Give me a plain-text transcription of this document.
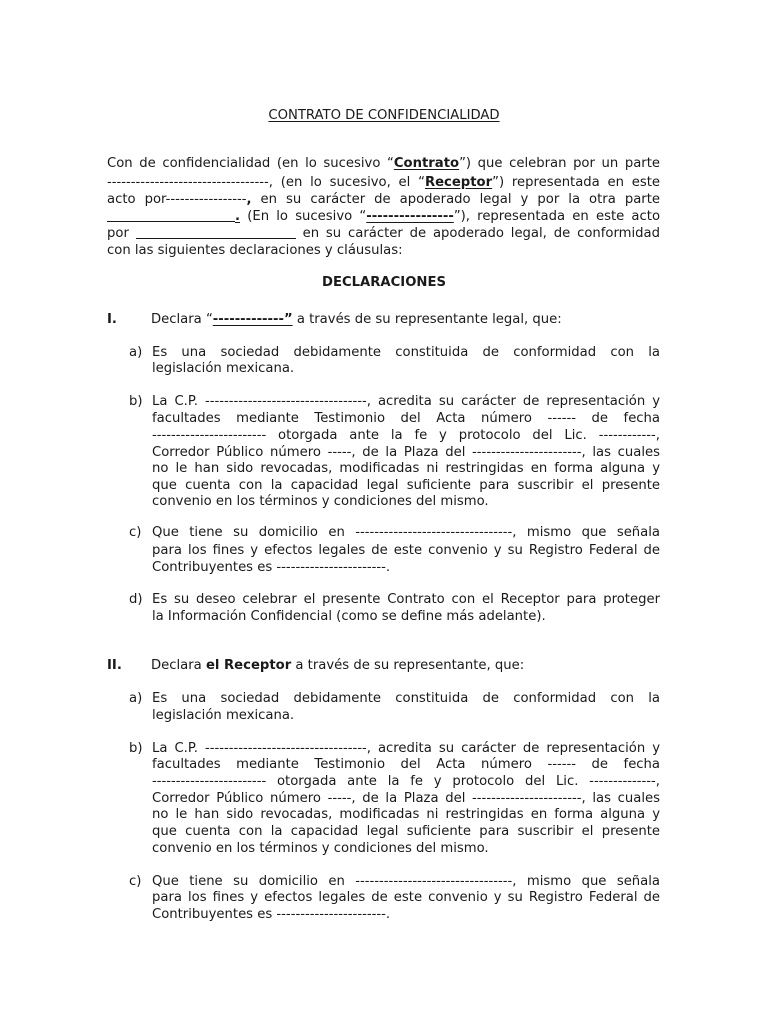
CONTRATO DE CONFIDENCIALIDAD
Con de confidencialidad (en lo sucesivo “Contrato”) que celebran por un parte
----------------------------------, (en lo sucesivo, el “Receptor”) representada en este
acto por-----------------, en su carácter de apoderado legal y por la otra parte
. (En lo sucesivo “----------------”), representada en este acto
por	en su carácter de apoderado legal, de conformidad
con las siguientes declaraciones y cláusulas:
DECLARACIONES
I.	Declara “-------------” a través de su representante legal, que:
a) Es una sociedad debidamente constituida de conformidad con la
legislación mexicana.
b) La C.P. ----------------------------------, acredita su carácter de representación y
facultades mediante Testimonio del Acta número ------ de fecha
------------------------ otorgada ante la fe y protocolo del Lic. ------------,
Corredor Público número -----, de la Plaza del -----------------------, las cuales
no le han sido revocadas, modificadas ni restringidas en forma alguna y
que cuenta con la capacidad legal suficiente para suscribir el presente
convenio en los términos y condiciones del mismo.
c) Que tiene su domicilio en ---------------------------------, mismo que señala
para los fines y efectos legales de este convenio y su Registro Federal de
Contribuyentes es -----------------------.
d) Es su deseo celebrar el presente Contrato con el Receptor para proteger
la Información Confidencial (como se define más adelante).
II. Declara el Receptor a través de su representante, que:
a) Es una sociedad debidamente constituida de conformidad con la
legislación mexicana.
b) La C.P. ----------------------------------, acredita su carácter de representación y
facultades mediante Testimonio del Acta número ------ de fecha
------------------------ otorgada ante la fe y protocolo del Lic. --------------,
Corredor Público número -----, de la Plaza del -----------------------, las cuales
no le han sido revocadas, modificadas ni restringidas en forma alguna y
que cuenta con la capacidad legal suficiente para suscribir el presente
convenio en los términos y condiciones del mismo.
c) Que tiene su domicilio en ---------------------------------, mismo que señala
para los fines y efectos legales de este convenio y su Registro Federal de
Contribuyentes es -----------------------.
